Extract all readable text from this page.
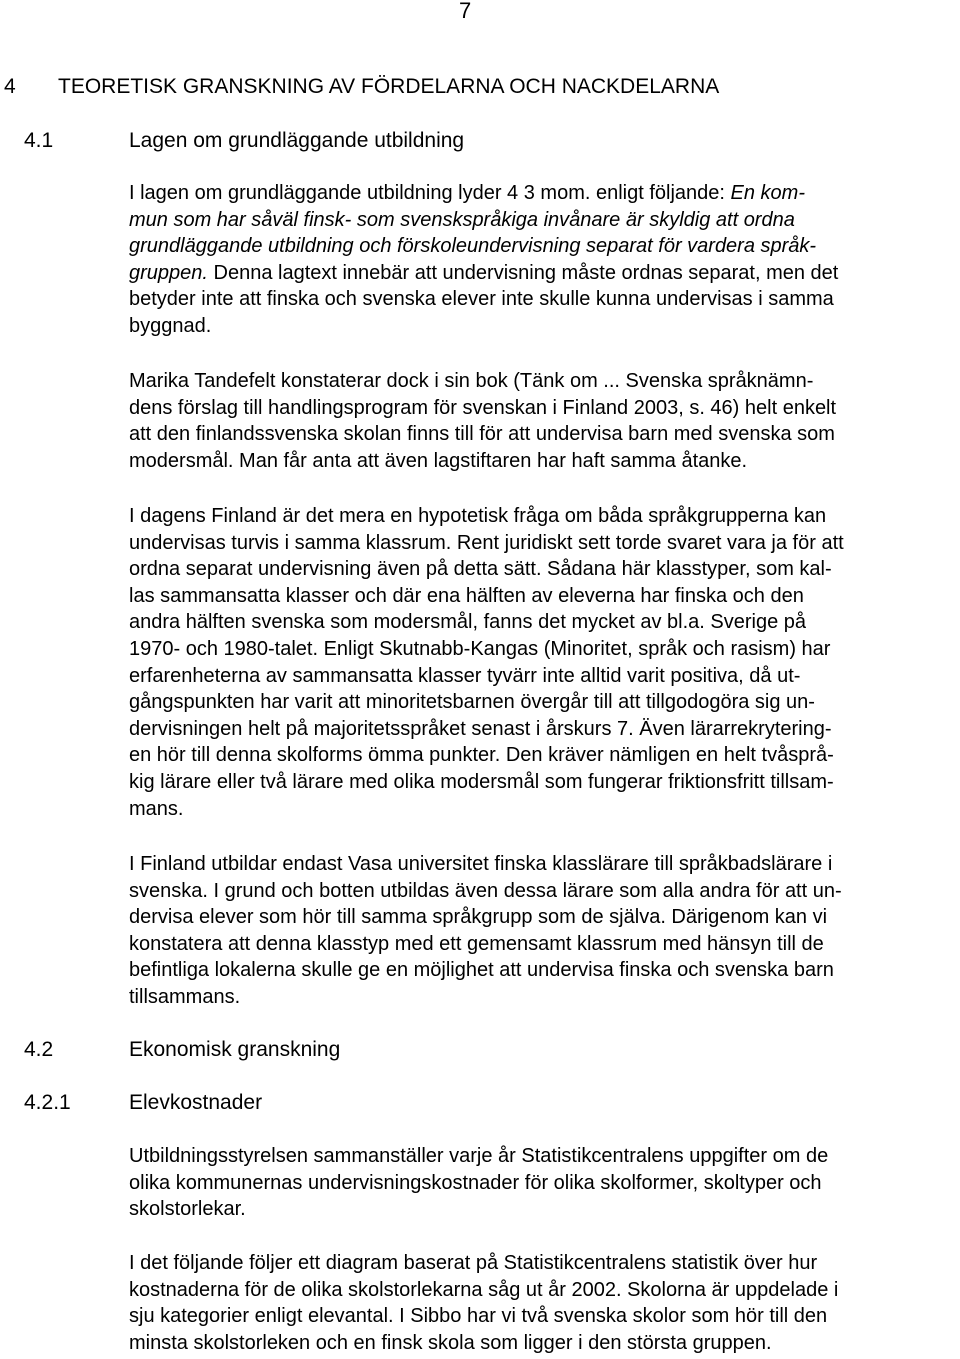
7
4 TEORETISK GRANSKNING AV FÖRDELARNA OCH NACKDELARNA
4.1	Lagen om grundläggande utbildning
I lagen om grundläggande utbildning lyder 4 3 mom. enligt följande: En kom-
mun som har såväl finsk- som svenskspråkiga invånare är skyldig att ordna
grundläggande utbildning och förskoleundervisning separat för vardera språk-
gruppen. Denna lagtext innebär att undervisning måste ordnas separat, men det
betyder inte att finska och svenska elever inte skulle kunna undervisas i samma
byggnad.
Marika Tandefelt konstaterar dock i sin bok (Tänk om ... Svenska språknämn-
dens förslag till handlingsprogram för svenskan i Finland 2003, s. 46) helt enkelt
att den finlandssvenska skolan finns till för att undervisa barn med svenska som
modersmål. Man får anta att även lagstiftaren har haft samma åtanke.
I dagens Finland är det mera en hypotetisk fråga om båda språkgrupperna kan
undervisas turvis i samma klassrum. Rent juridiskt sett torde svaret vara ja för att
ordna separat undervisning även på detta sätt. Sådana här klasstyper, som kal-
las sammansatta klasser och där ena hälften av eleverna har finska och den
andra hälften svenska som modersmål, fanns det mycket av bl.a. Sverige på
1970- och 1980-talet. Enligt Skutnabb-Kangas (Minoritet, språk och rasism) har
erfarenheterna av sammansatta klasser tyvärr inte alltid varit positiva, då ut-
gångspunkten har varit att minoritetsbarnen övergår till att tillgodogöra sig un-
dervisningen helt på majoritetsspråket senast i årskurs 7. Även lärarrekrytering-
en hör till denna skolforms ömma punkter. Den kräver nämligen en helt tvåsprå-
kig lärare eller två lärare med olika modersmål som fungerar friktionsfritt tillsam-
mans.
I Finland utbildar endast Vasa universitet finska klasslärare till språkbadslärare i
svenska. I grund och botten utbildas även dessa lärare som alla andra för att un-
dervisa elever som hör till samma språkgrupp som de själva. Därigenom kan vi
konstatera att denna klasstyp med ett gemensamt klassrum med hänsyn till de
befintliga lokalerna skulle ge en möjlighet att undervisa finska och svenska barn
tillsammans.
4.2	Ekonomisk granskning
4.2.1	Elevkostnader
Utbildningsstyrelsen sammanställer varje år Statistikcentralens uppgifter om de
olika kommunernas undervisningskostnader för olika skolformer, skoltyper och
skolstorlekar.
I det följande följer ett diagram baserat på Statistikcentralens statistik över hur
kostnaderna för de olika skolstorlekarna såg ut år 2002. Skolorna är uppdelade i
sju kategorier enligt elevantal. I Sibbo har vi två svenska skolor som hör till den
minsta skolstorleken och en finsk skola som ligger i den största gruppen.
